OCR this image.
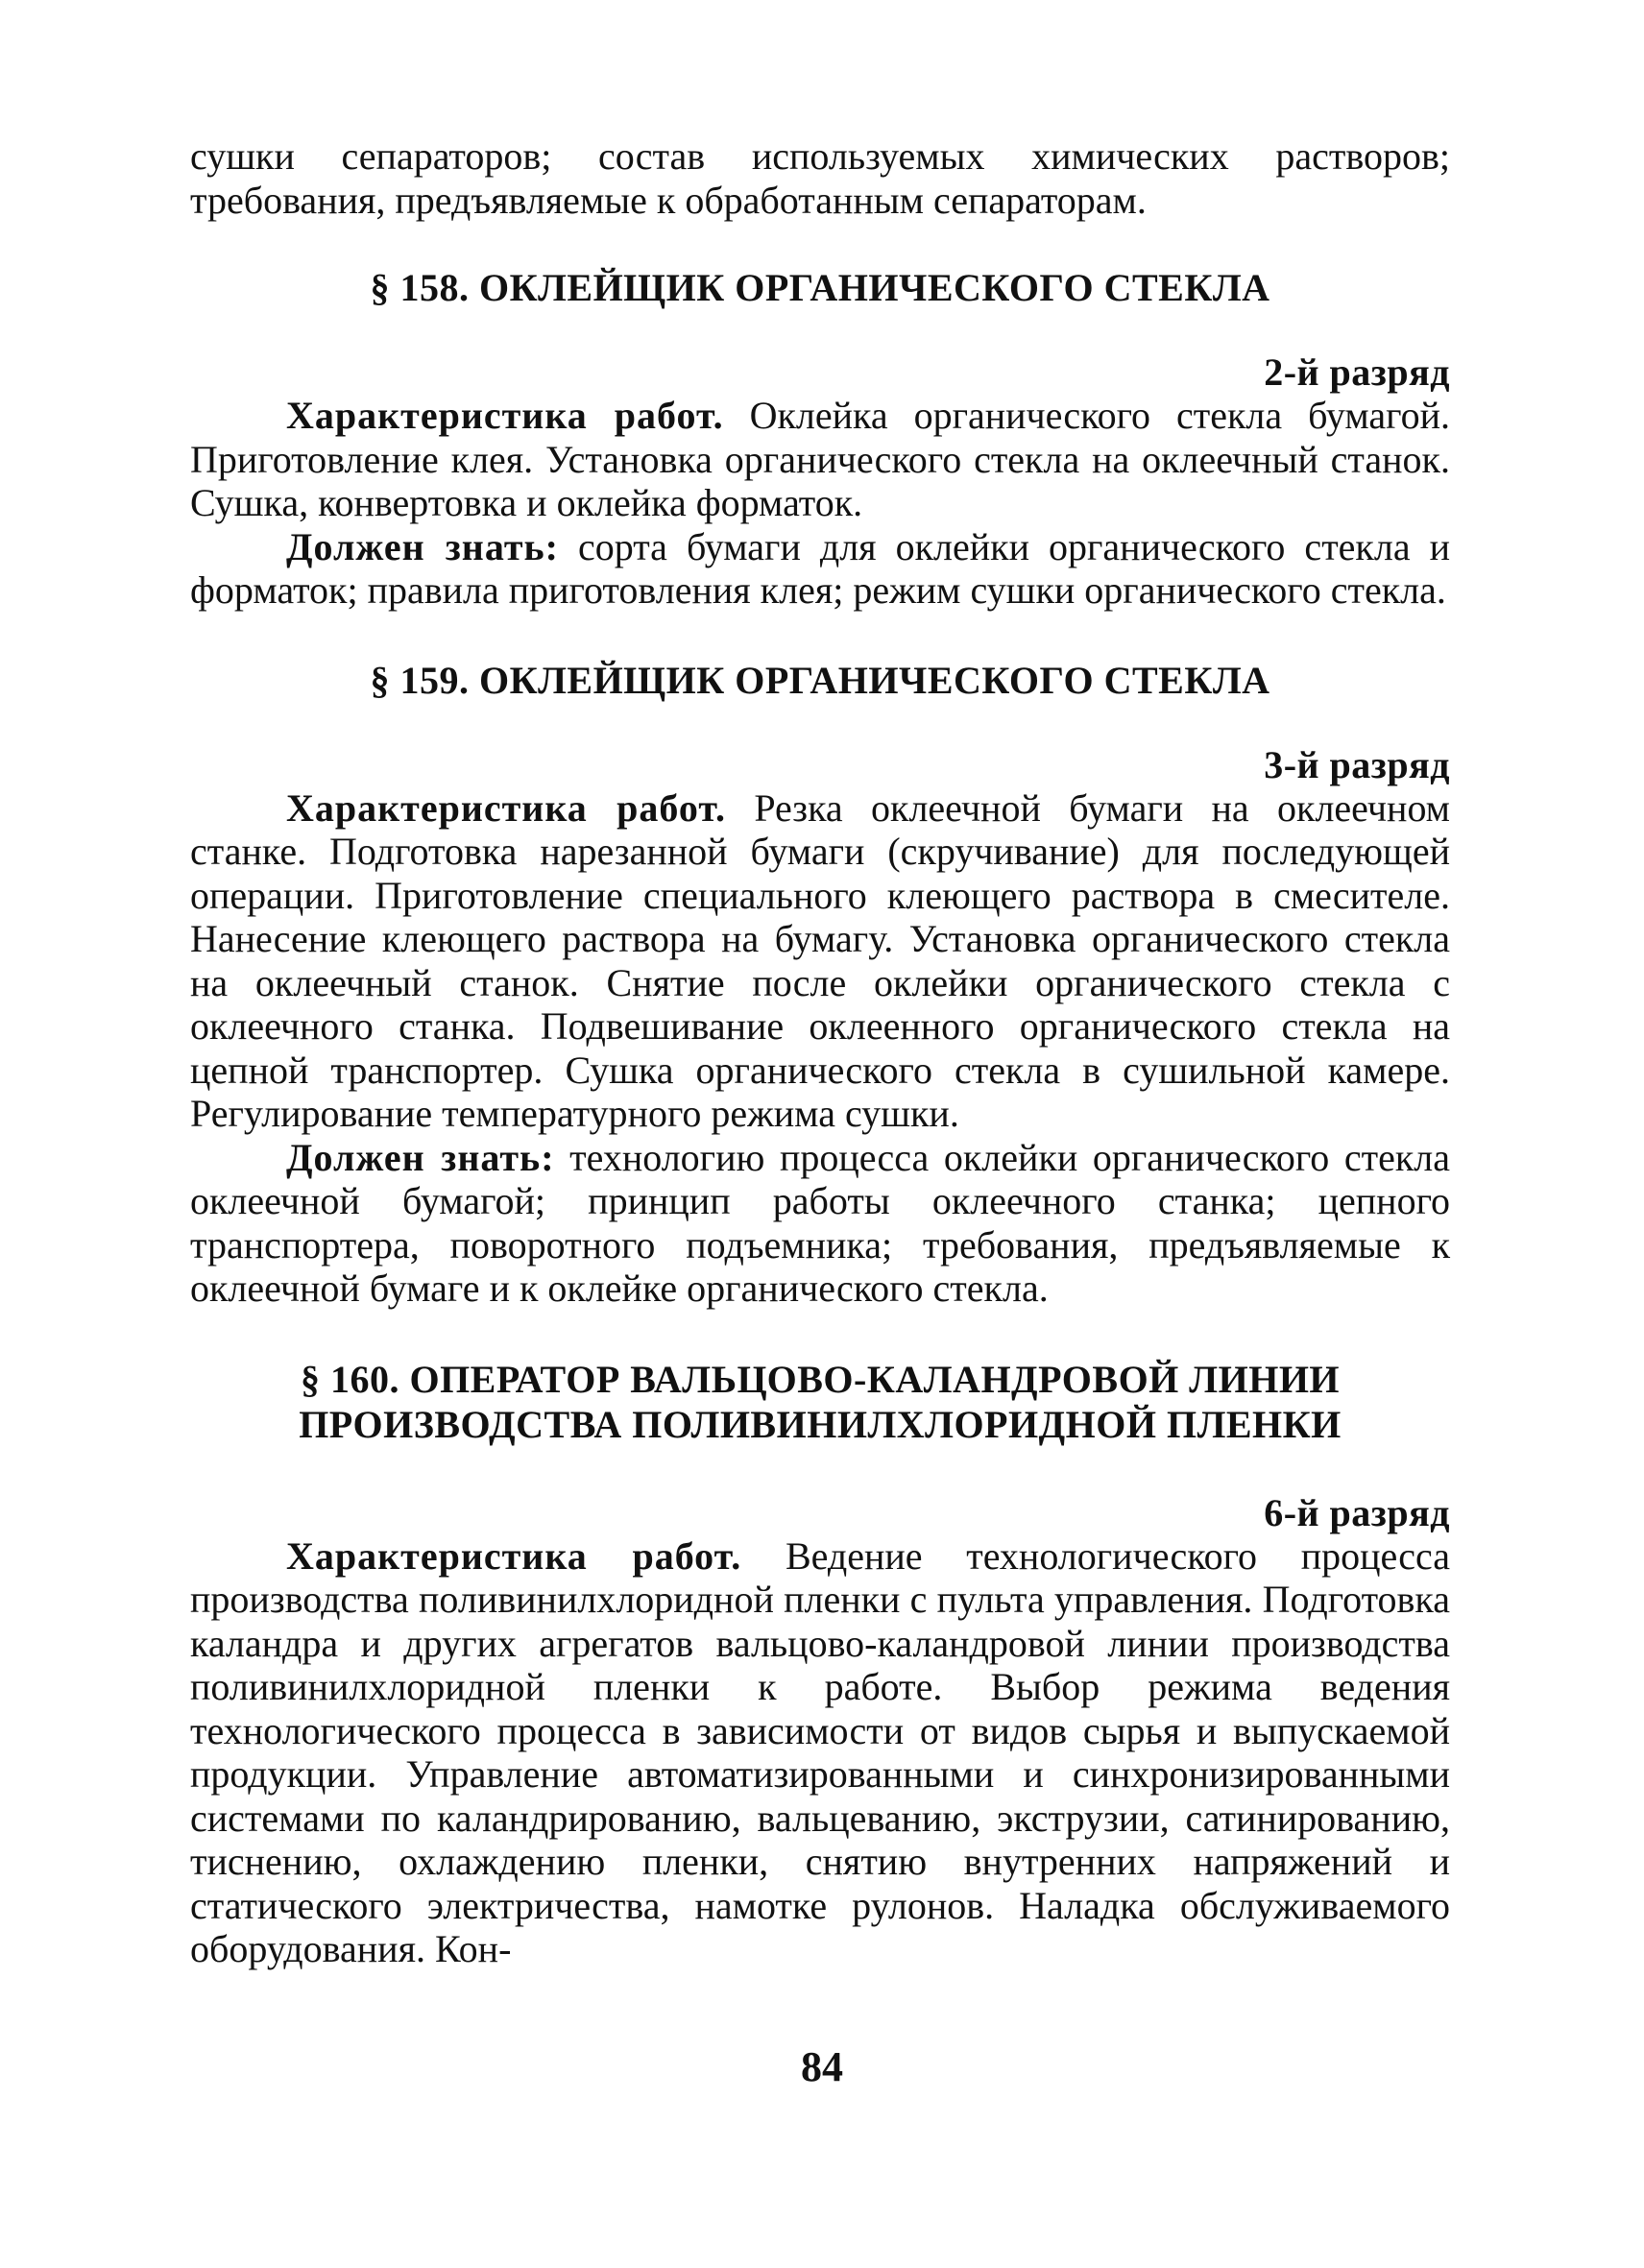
сушки сепараторов; состав используемых химических растворов; требования, предъявляемые к обработанным сепараторам.

§ 158. ОКЛЕЙЩИК ОРГАНИЧЕСКОГО СТЕКЛА
2-й разряд

Характеристика работ. Оклейка органического стекла бумагой. Приготовление клея. Установка органического стекла на оклеечный станок. Сушка, конвертовка и оклейка форматок.

Должен знать: сорта бумаги для оклейки органического стекла и форматок; правила приготовления клея; режим сушки органического стекла.

§ 159. ОКЛЕЙЩИК ОРГАНИЧЕСКОГО СТЕКЛА
3-й разряд

Характеристика работ. Резка оклеечной бумаги на оклеечном станке. Подготовка нарезанной бумаги (скручивание) для последующей операции. Приготовление специального клеющего раствора в смесителе. Нанесение клеющего раствора на бумагу. Установка органического стекла на оклеечный станок. Снятие после оклейки органического стекла с оклеечного станка. Подвешивание оклеенного органического стекла на цепной транспортер. Сушка органического стекла в сушильной камере. Регулирование температурного режима сушки.

Должен знать: технологию процесса оклейки органического стекла оклеечной бумагой; принцип работы оклеечного станка; цепного транспортера, поворотного подъемника; требования, предъявляемые к оклеечной бумаге и к оклейке органического стекла.

§ 160. ОПЕРАТОР ВАЛЬЦОВО-КАЛАНДРОВОЙ ЛИНИИ
ПРОИЗВОДСТВА ПОЛИВИНИЛХЛОРИДНОЙ ПЛЕНКИ
6-й разряд

Характеристика работ. Ведение технологического процесса производства поливинилхлоридной пленки с пульта управления. Подготовка каландра и других агрегатов вальцово-каландровой линии производства поливинилхлоридной пленки к работе. Выбор режима ведения технологического процесса в зависимости от видов сырья и выпускаемой продукции. Управление автоматизированными и синхронизированными системами по каландрированию, вальцеванию, экструзии, сатинированию, тиснению, охлаждению пленки, снятию внутренних напряжений и статического электричества, намотке рулонов. Наладка обслуживаемого оборудования. Кон-

84
